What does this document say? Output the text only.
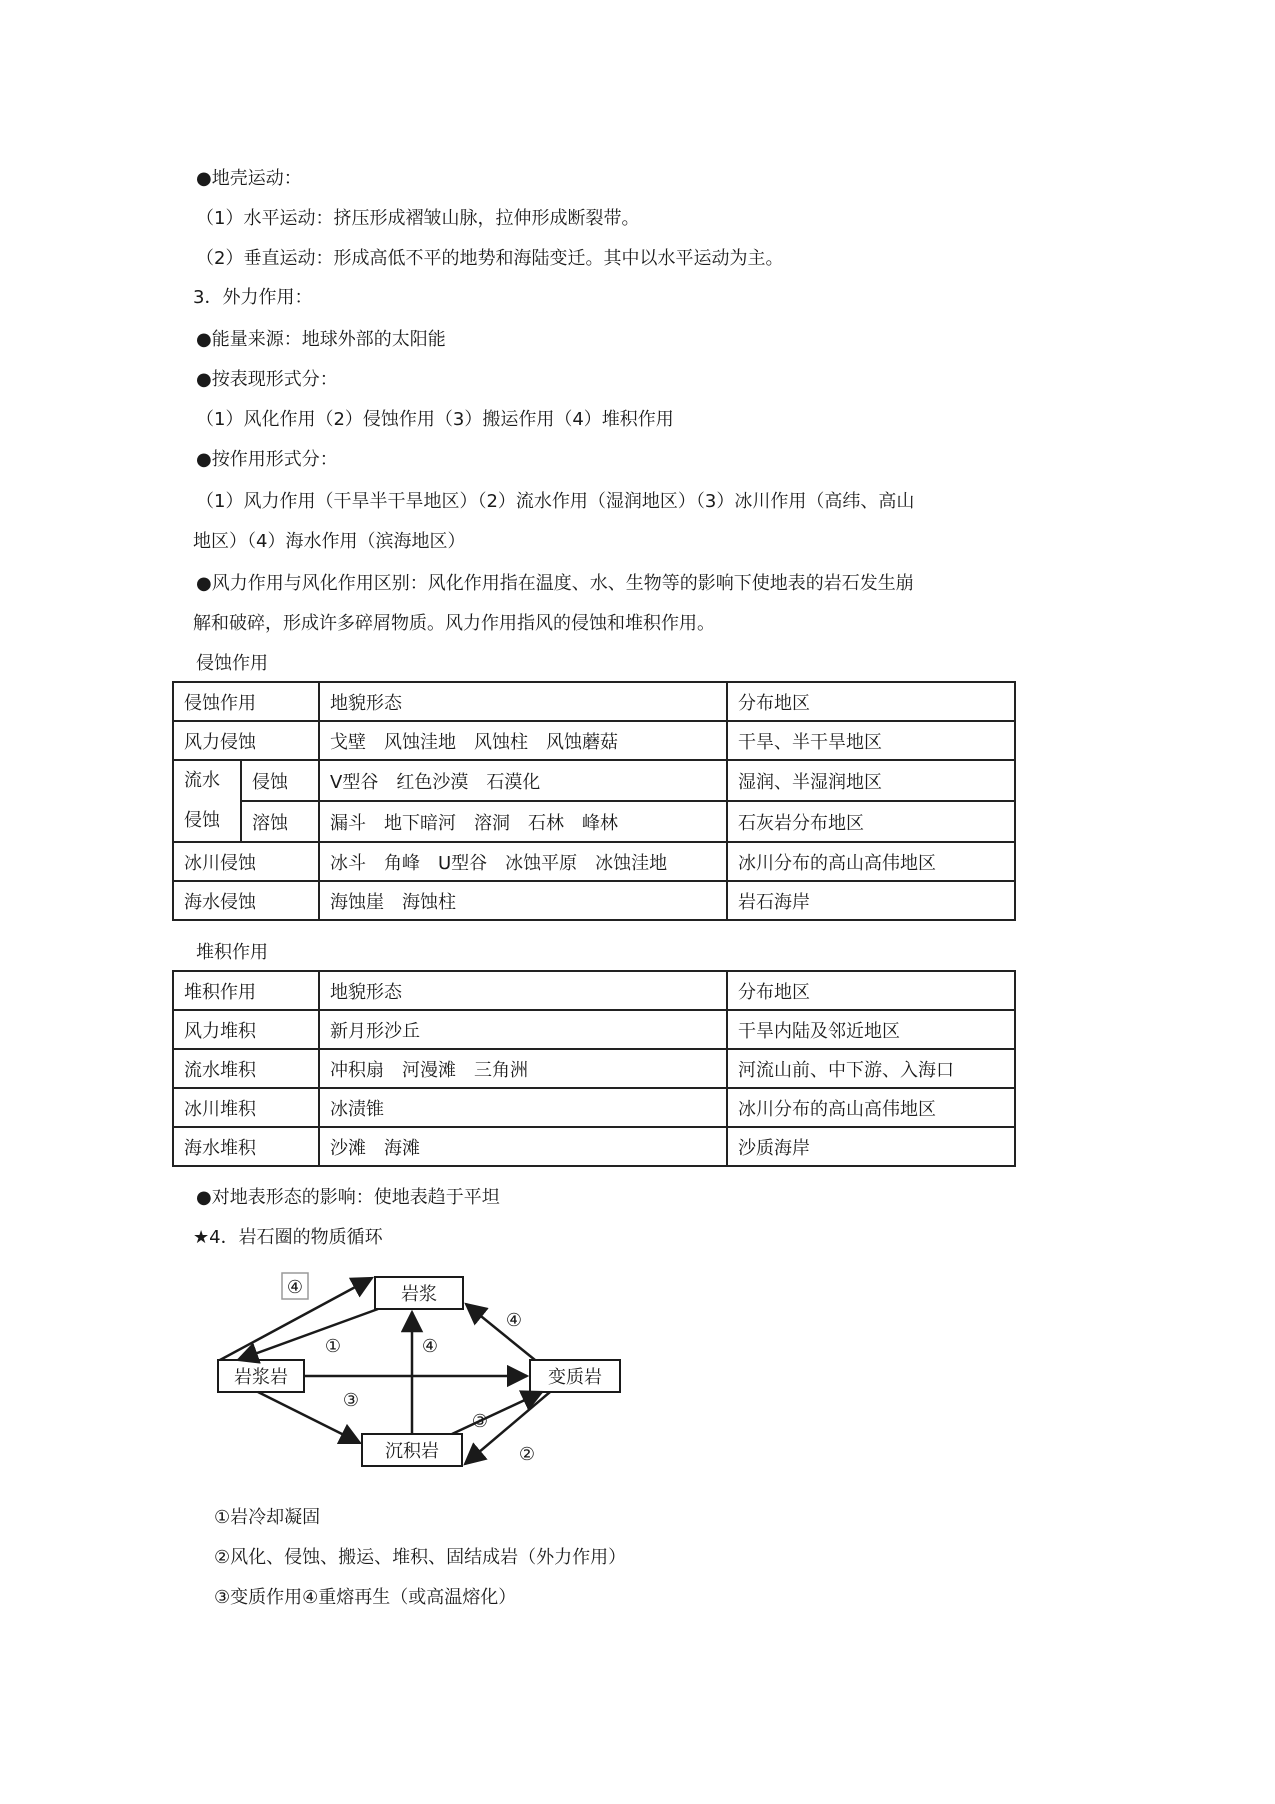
●地壳运动：
（1）水平运动：挤压形成褶皱山脉，拉伸形成断裂带。
（2）垂直运动：形成高低不平的地势和海陆变迁。其中以水平运动为主。
3．外力作用：
●能量来源：地球外部的太阳能
●按表现形式分：
（1）风化作用（2）侵蚀作用（3）搬运作用（4）堆积作用
●按作用形式分：
（1）风力作用（干旱半干旱地区）（2）流水作用（湿润地区）（3）冰川作用（高纬、高山
地区）（4）海水作用（滨海地区）
●风力作用与风化作用区别：风化作用指在温度、水、生物等的影响下使地表的岩石发生崩
解和破碎，形成许多碎屑物质。风力作用指风的侵蚀和堆积作用。
侵蚀作用
侵蚀作用		地貌形态	分布地区
风力侵蚀		戈壁　风蚀洼地　风蚀柱　风蚀蘑菇	干旱、半干旱地区

流水
侵蚀	侵蚀	V型谷　红色沙漠　石漠化	湿润、半湿润地区
	溶蚀	漏斗　地下暗河　溶洞　石林　峰林	石灰岩分布地区
冰川侵蚀		冰斗　角峰　U型谷　冰蚀平原　冰蚀洼地	冰川分布的高山高伟地区
海水侵蚀		海蚀崖　海蚀柱	岩石海岸
堆积作用
堆积作用	地貌形态	分布地区
风力堆积	新月形沙丘	干旱内陆及邻近地区
流水堆积	冲积扇　河漫滩　三角洲	河流山前、中下游、入海口
冰川堆积	冰渍锥	冰川分布的高山高伟地区
海水堆积	沙滩　海滩	沙质海岸
●对地表形态的影响：使地表趋于平坦
★4．岩石圈的物质循环
岩浆
岩浆岩	变质岩
沉积岩
④
①	④
④
③
③
②
①岩冷却凝固
②风化、侵蚀、搬运、堆积、固结成岩（外力作用）
③变质作用④重熔再生（或高温熔化）
